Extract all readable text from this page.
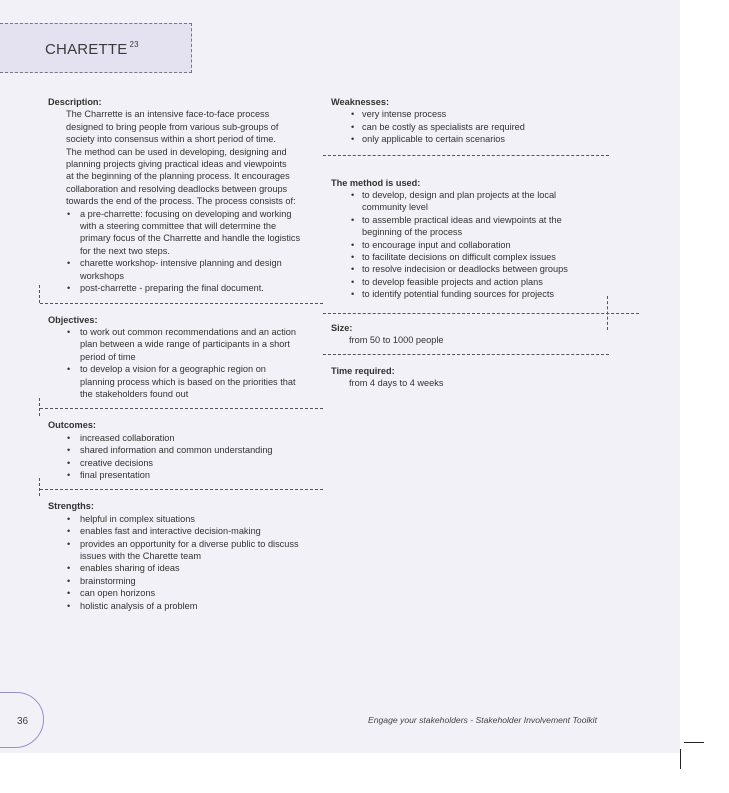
CHARETTE $^{23}$
Description:
The Charrette is an intensive face-to-face process
designed to bring people from various sub-groups of
society into consensus within a short period of time.
The method can be used in developing, designing and
planning projects giving practical ideas and viewpoints
at the beginning of the planning process. It encourages
collaboration and resolving deadlocks between groups
towards the end of the process. The process consists of:
• a pre-charrette: focusing on developing and working
with a steering committee that will determine the
primary focus of the Charrette and handle the logistics
for the next two steps.
• charette workshop- intensive planning and design
workshops
• post-charrette - preparing the final document.
Objectives:
• to work out common recommendations and an action
plan between a wide range of participants in a short
period of time
• to develop a vision for a geographic region on
planning process which is based on the priorities that
the stakeholders found out
Outcomes:
• increased collaboration
• shared information and common understanding
• creative decisions
• final presentation
Strengths:
• helpful in complex situations
• enables fast and interactive decision-making
• provides an opportunity for a diverse public to discuss
issues with the Charette team
• enables sharing of ideas
• brainstorming
• can open horizons
• holistic analysis of a problem
Weaknesses:
• very intense process
• can be costly as specialists are required
• only applicable to certain scenarios
The method is used:
• to develop, design and plan projects at the local
community level
• to assemble practical ideas and viewpoints at the
beginning of the process
• to encourage input and collaboration
• to facilitate decisions on difficult complex issues
• to resolve indecision or deadlocks between groups
• to develop feasible projects and action plans
• to identify potential funding sources for projects
Size:
from 50 to 1000 people
Time required:
from 4 days to 4 weeks
36	Engage your stakeholders - Stakeholder Involvement Toolkit
